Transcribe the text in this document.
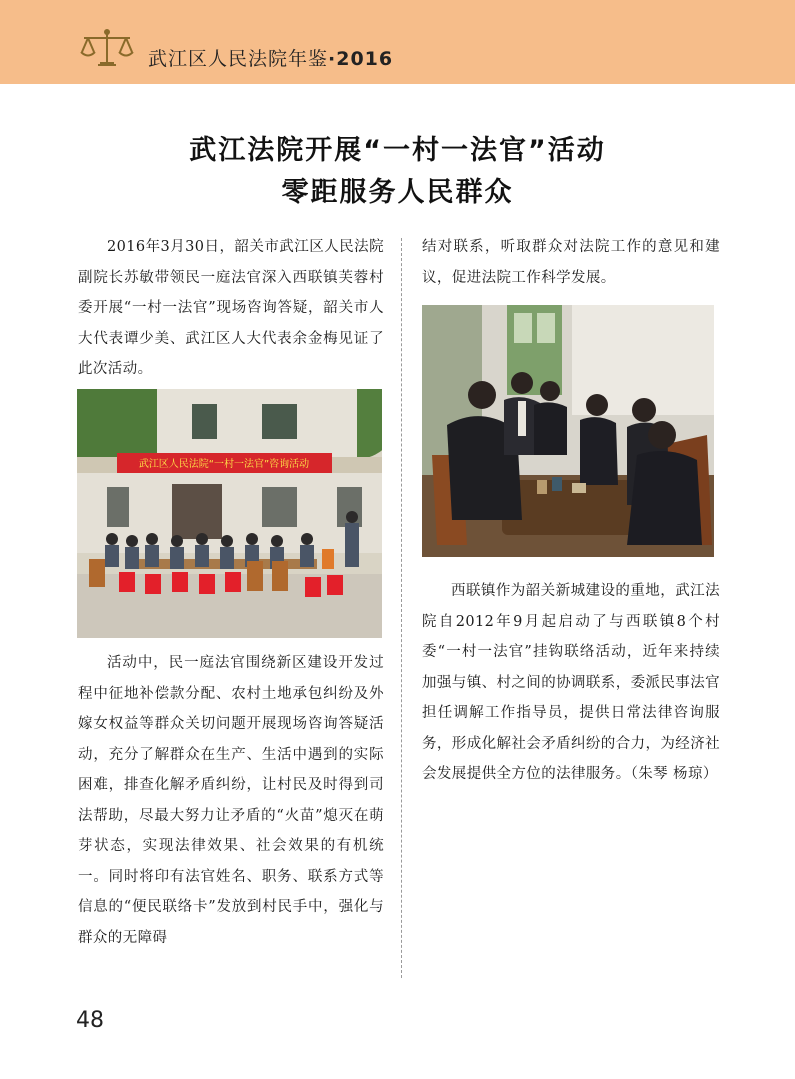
武江区人民法院年鉴·2016
武江法院开展“一村一法官”活动
零距服务人民群众

2016年3月30日，韶关市武江区人民法院副院长苏敏带领民一庭法官深入西联镇芙蓉村委开展“一村一法官”现场咨询答疑，韶关市人大代表谭少美、武江区人大代表余金梅见证了此次活动。

武江区人民法院“一村一法官”咨询活动

活动中，民一庭法官围绕新区建设开发过程中征地补偿款分配、农村土地承包纠纷及外嫁女权益等群众关切问题开展现场咨询答疑活动，充分了解群众在生产、生活中遇到的实际困难，排查化解矛盾纠纷，让村民及时得到司法帮助，尽最大努力让矛盾的“火苗”熄灭在萌芽状态，实现法律效果、社会效果的有机统一。同时将印有法官姓名、职务、联系方式等信息的“便民联络卡”发放到村民手中，强化与群众的无障碍

结对联系，听取群众对法院工作的意见和建议，促进法院工作科学发展。

西联镇作为韶关新城建设的重地，武江法院自2012年9月起启动了与西联镇8个村委“一村一法官”挂钩联络活动，近年来持续加强与镇、村之间的协调联系，委派民事法官担任调解工作指导员，提供日常法律咨询服务，形成化解社会矛盾纠纷的合力，为经济社会发展提供全方位的法律服务。（朱琴 杨琼）

48
